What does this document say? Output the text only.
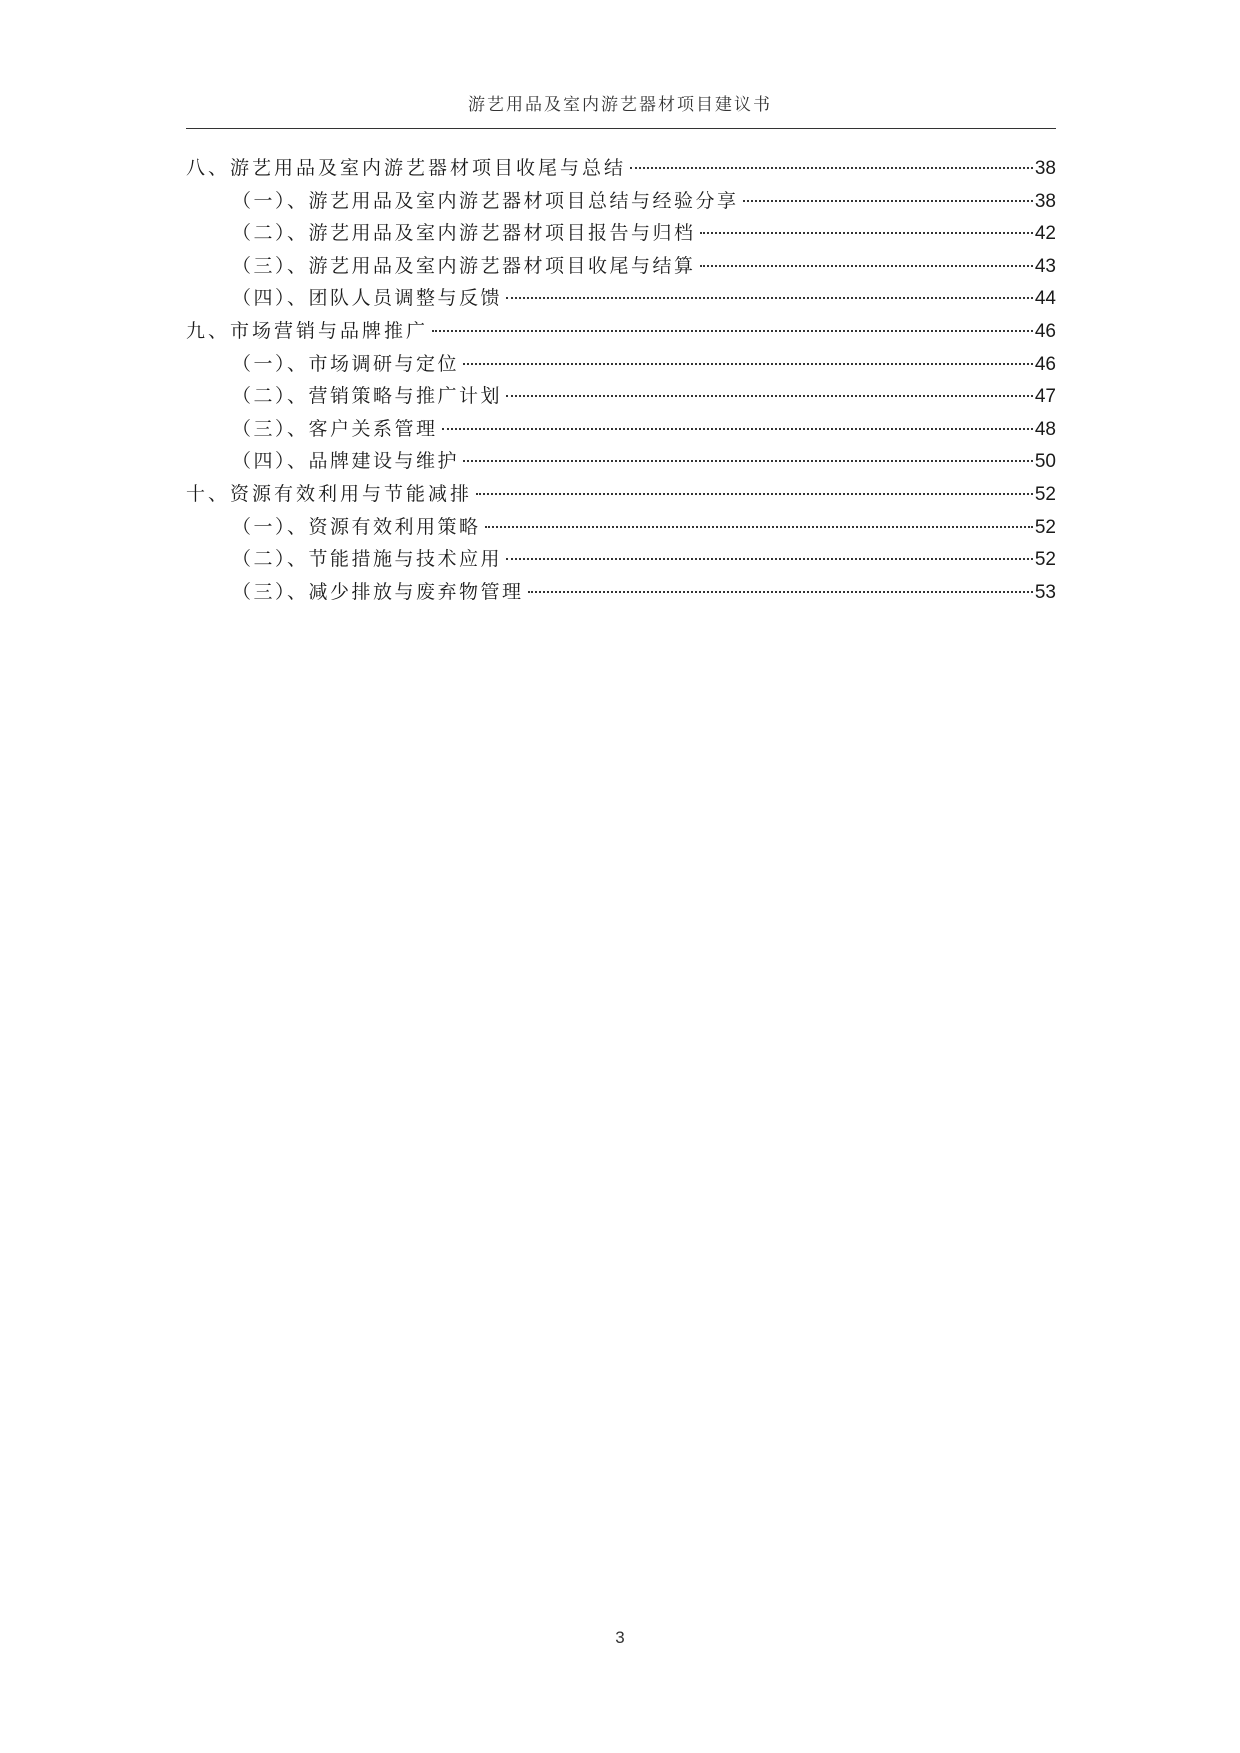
游艺用品及室内游艺器材项目建议书
八、游艺用品及室内游艺器材项目收尾与总结	38
（一）、游艺用品及室内游艺器材项目总结与经验分享	38
（二）、游艺用品及室内游艺器材项目报告与归档	42
（三）、游艺用品及室内游艺器材项目收尾与结算	43
（四）、团队人员调整与反馈	44
九、市场营销与品牌推广	46
（一）、市场调研与定位	46
（二）、营销策略与推广计划	47
（三）、客户关系管理	48
（四）、品牌建设与维护	50
十、资源有效利用与节能减排	52
（一）、资源有效利用策略	52
（二）、节能措施与技术应用	52
（三）、减少排放与废弃物管理	53
3
